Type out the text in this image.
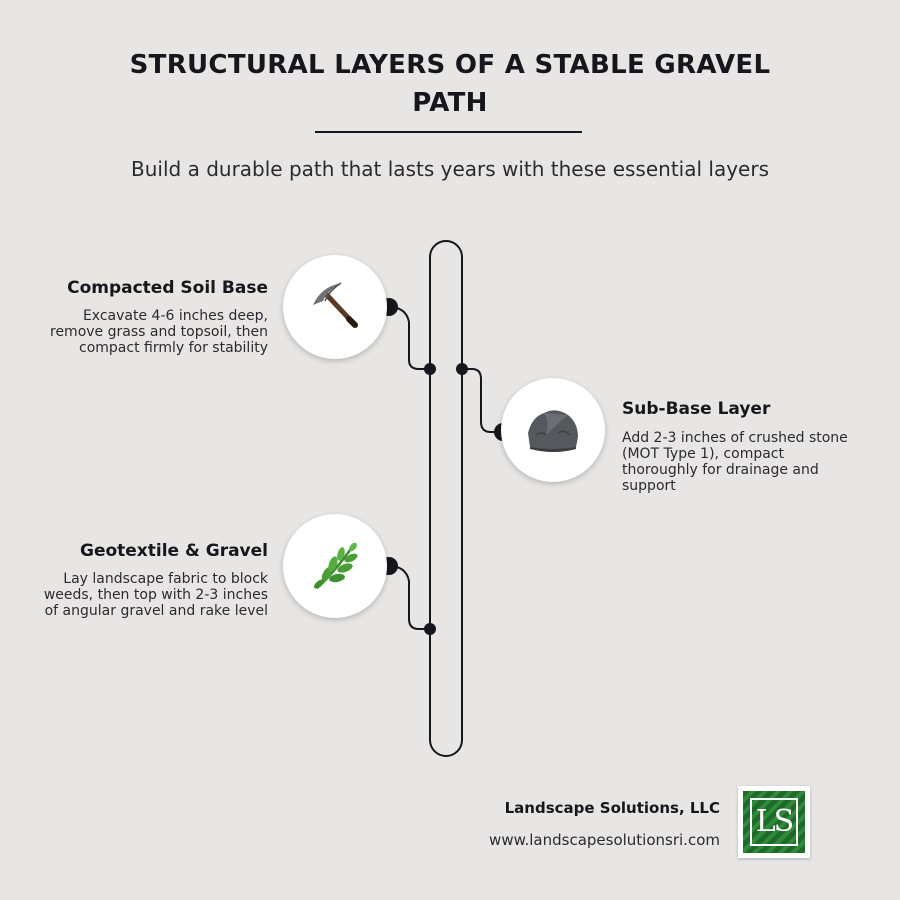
STRUCTURAL LAYERS OF A STABLE GRAVEL PATH
Build a durable path that lasts years with these essential layers
Compacted Soil Base
Excavate 4-6 inches deep, remove grass and topsoil, then compact firmly for stability
Sub-Base Layer
Add 2-3 inches of crushed stone (MOT Type 1), compact thoroughly for drainage and support
Geotextile & Gravel
Lay landscape fabric to block weeds, then top with 2-3 inches of angular gravel and rake level
Landscape Solutions, LLC
www.landscapesolutionsri.com
LS
